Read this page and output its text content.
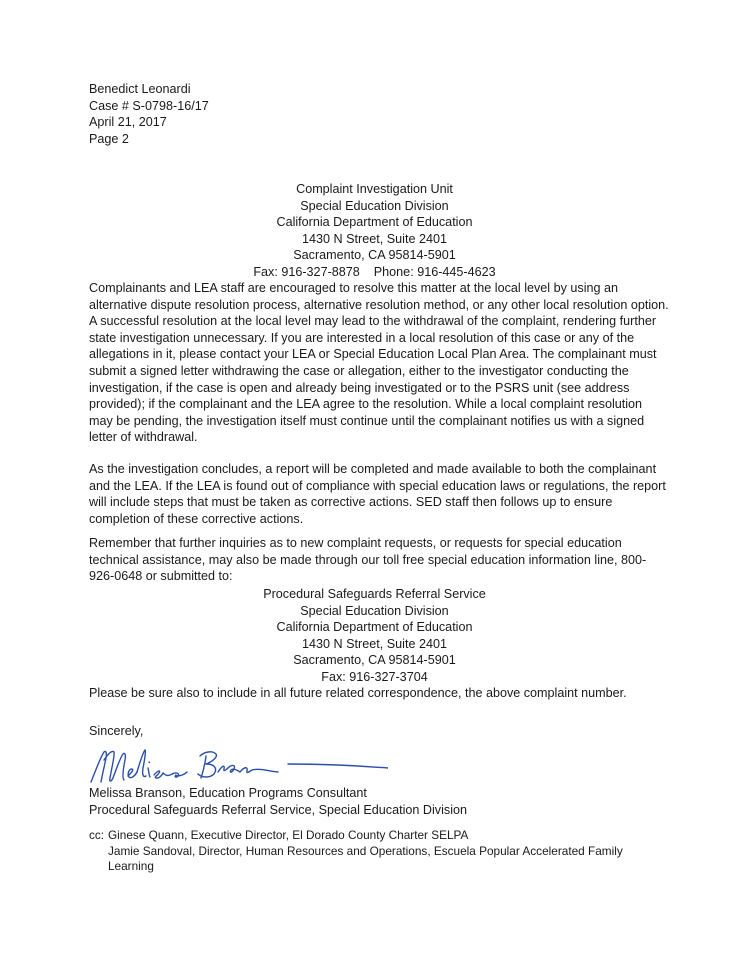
Benedict Leonardi
Case # S-0798-16/17
April 21, 2017
Page 2
Complaint Investigation Unit
Special Education Division
California Department of Education
1430 N Street, Suite 2401
Sacramento, CA 95814-5901
Fax: 916-327-8878    Phone: 916-445-4623

Complainants and LEA staff are encouraged to resolve this matter at the local level by using an alternative dispute resolution process, alternative resolution method, or any other local resolution option. A successful resolution at the local level may lead to the withdrawal of the complaint, rendering further state investigation unnecessary. If you are interested in a local resolution of this case or any of the allegations in it, please contact your LEA or Special Education Local Plan Area. The complainant must submit a signed letter withdrawing the case or allegation, either to the investigator conducting the investigation, if the case is open and already being investigated or to the PSRS unit (see address provided); if the complainant and the LEA agree to the resolution. While a local complaint resolution may be pending, the investigation itself must continue until the complainant notifies us with a signed letter of withdrawal.

As the investigation concludes, a report will be completed and made available to both the complainant and the LEA. If the LEA is found out of compliance with special education laws or regulations, the report will include steps that must be taken as corrective actions. SED staff then follows up to ensure completion of these corrective actions.

Remember that further inquiries as to new complaint requests, or requests for special education technical assistance, may also be made through our toll free special education information line, 800-926-0648 or submitted to:

Procedural Safeguards Referral Service
Special Education Division
California Department of Education
1430 N Street, Suite 2401
Sacramento, CA 95814-5901
Fax: 916-327-3704

Please be sure also to include in all future related correspondence, the above complaint number.

Sincerely,
Melissa Branson, Education Programs Consultant
Procedural Safeguards Referral Service, Special Education Division
cc: Ginese Quann, Executive Director, El Dorado County Charter SELPA
Jamie Sandoval, Director, Human Resources and Operations, Escuela Popular Accelerated Family
Learning
